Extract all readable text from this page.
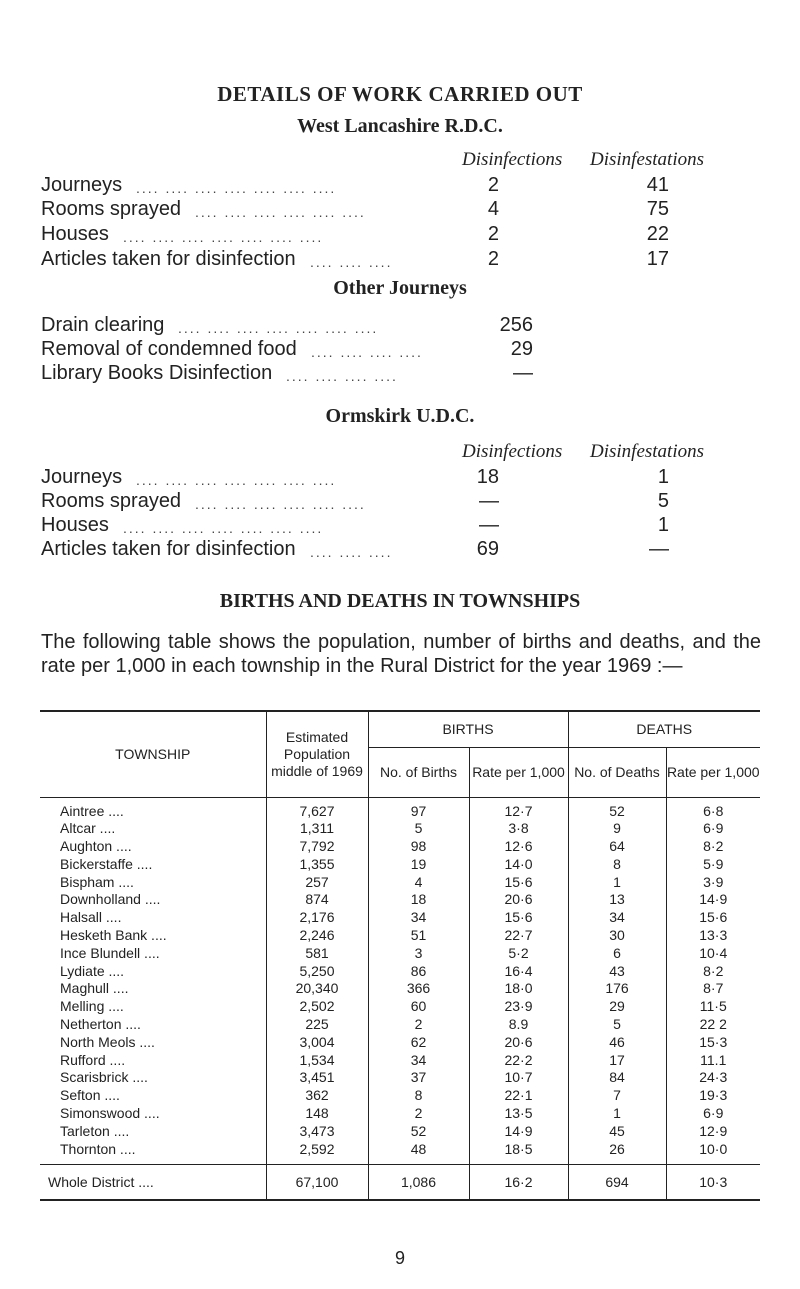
DETAILS OF WORK CARRIED OUT
West Lancashire R.D.C.
Disinfections Disinfestations
Journeys	2	41
.... .... .... .... .... .... ....
Rooms sprayed	4	75
.... .... .... .... .... ....
Houses	2	22
.... .... .... .... .... .... ....
Articles taken for disinfection	2	17
.... .... ....
Other Journeys
Drain clearing	256
.... .... .... .... .... .... ....
Removal of condemned food	29
.... .... .... ....
Library Books Disinfection	—
.... .... .... ....
Ormskirk U.D.C.
Disinfections Disinfestations
Journeys	18	1
.... .... .... .... .... .... ....
Rooms sprayed	—	5
.... .... .... .... .... ....
Houses	—	1
.... .... .... .... .... .... ....
Articles taken for disinfection	69	—
.... .... ....
BIRTHS AND DEATHS IN TOWNSHIPS
The following table shows the population, number of births and deaths, and the rate per 1,000 in each township in the Rural District for the year 1969 :—
TOWNSHIP	Estimated Population middle of 1969	BIRTHS		DEATHS	
		No. of Births	Rate per 1,000	No. of Deaths	Rate per 1,000
Aintree ....	7,627	97	12·7	52	6·8
Altcar ....	1,311	5	3·8	9	6·9
Aughton ....	7,792	98	12·6	64	8·2
Bickerstaffe ....	1,355	19	14·0	8	5·9
Bispham ....	257	4	15·6	1	3·9
Downholland ....	874	18	20·6	13	14·9
Halsall ....	2,176	34	15·6	34	15·6
Hesketh Bank ....	2,246	51	22·7	30	13·3
Ince Blundell ....	581	3	5·2	6	10·4
Lydiate ....	5,250	86	16·4	43	8·2
Maghull ....	20,340	366	18·0	176	8·7
Melling ....	2,502	60	23·9	29	11·5
Netherton ....	225	2	8.9	5	22 2
North Meols ....	3,004	62	20·6	46	15·3
Rufford ....	1,534	34	22·2	17	11.1
Scarisbrick ....	3,451	37	10·7	84	24·3
Sefton ....	362	8	22·1	7	19·3
Simonswood ....	148	2	13·5	1	6·9
Tarleton ....	3,473	52	14·9	45	12·9
Thornton ....	2,592	48	18·5	26	10·0
Whole District ....	67,100	1,086	16·2	694	10·3
9
